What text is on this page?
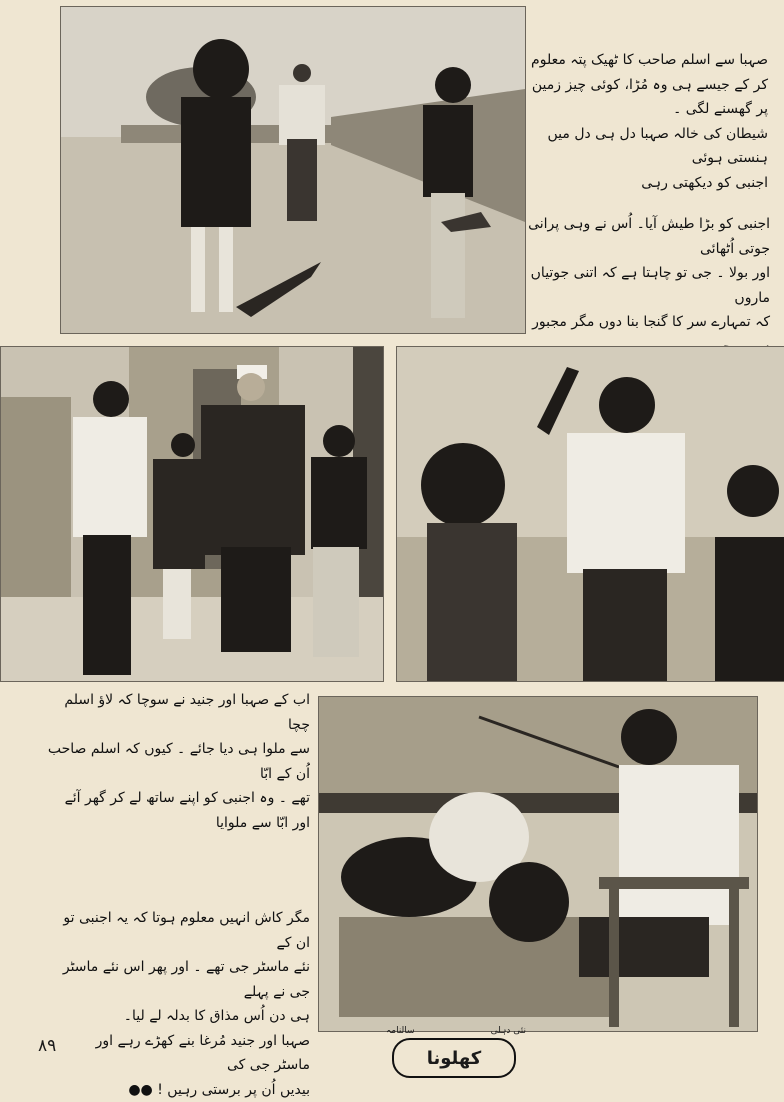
صہبا سے اسلم صاحب کا ٹھیک پتہ معلوم

کر کے جیسے ہی وہ مُڑا، کوئی چیز زمین پر گھسنے لگی ۔

شیطان کی خالہ صہبا دل ہی دل میں ہنستی ہوئی

اجنبی کو دیکھتی رہی

اجنبی کو بڑا طیش آیا۔ اُس نے وہی پرانی جوتی اُٹھائی

اور بولا ۔ جی تو چاہتا ہے کہ اتنی جوتیاں ماروں

کہ تمہارے سر کا گنجا بنا دوں مگر مجبور

اب کے صہبا اور جنید نے سوچا کہ لاؤ اسلم چچا

سے ملوا ہی دیا جائے ۔ کیوں کہ اسلم صاحب اُن کے ابّا

تھے ۔ وہ اجنبی کو اپنے ساتھ لے کر گھر آئے

اور ابّا سے ملوایا

مگر کاش انہیں معلوم ہوتا کہ یہ اجنبی تو ان کے

نئے ماسٹر جی تھے ۔ اور پھر اس نئے ماسٹر جی نے پہلے

ہی دن اُس مذاق کا بدلہ لے لیا۔

صہبا اور جنید مُرغا بنے کھڑے رہے اور ماسٹر جی کی

بیدیں اُن پر برستی رہیں ! ●●

۸۹
سالنامہ	نئی دہلی
کھلونا
